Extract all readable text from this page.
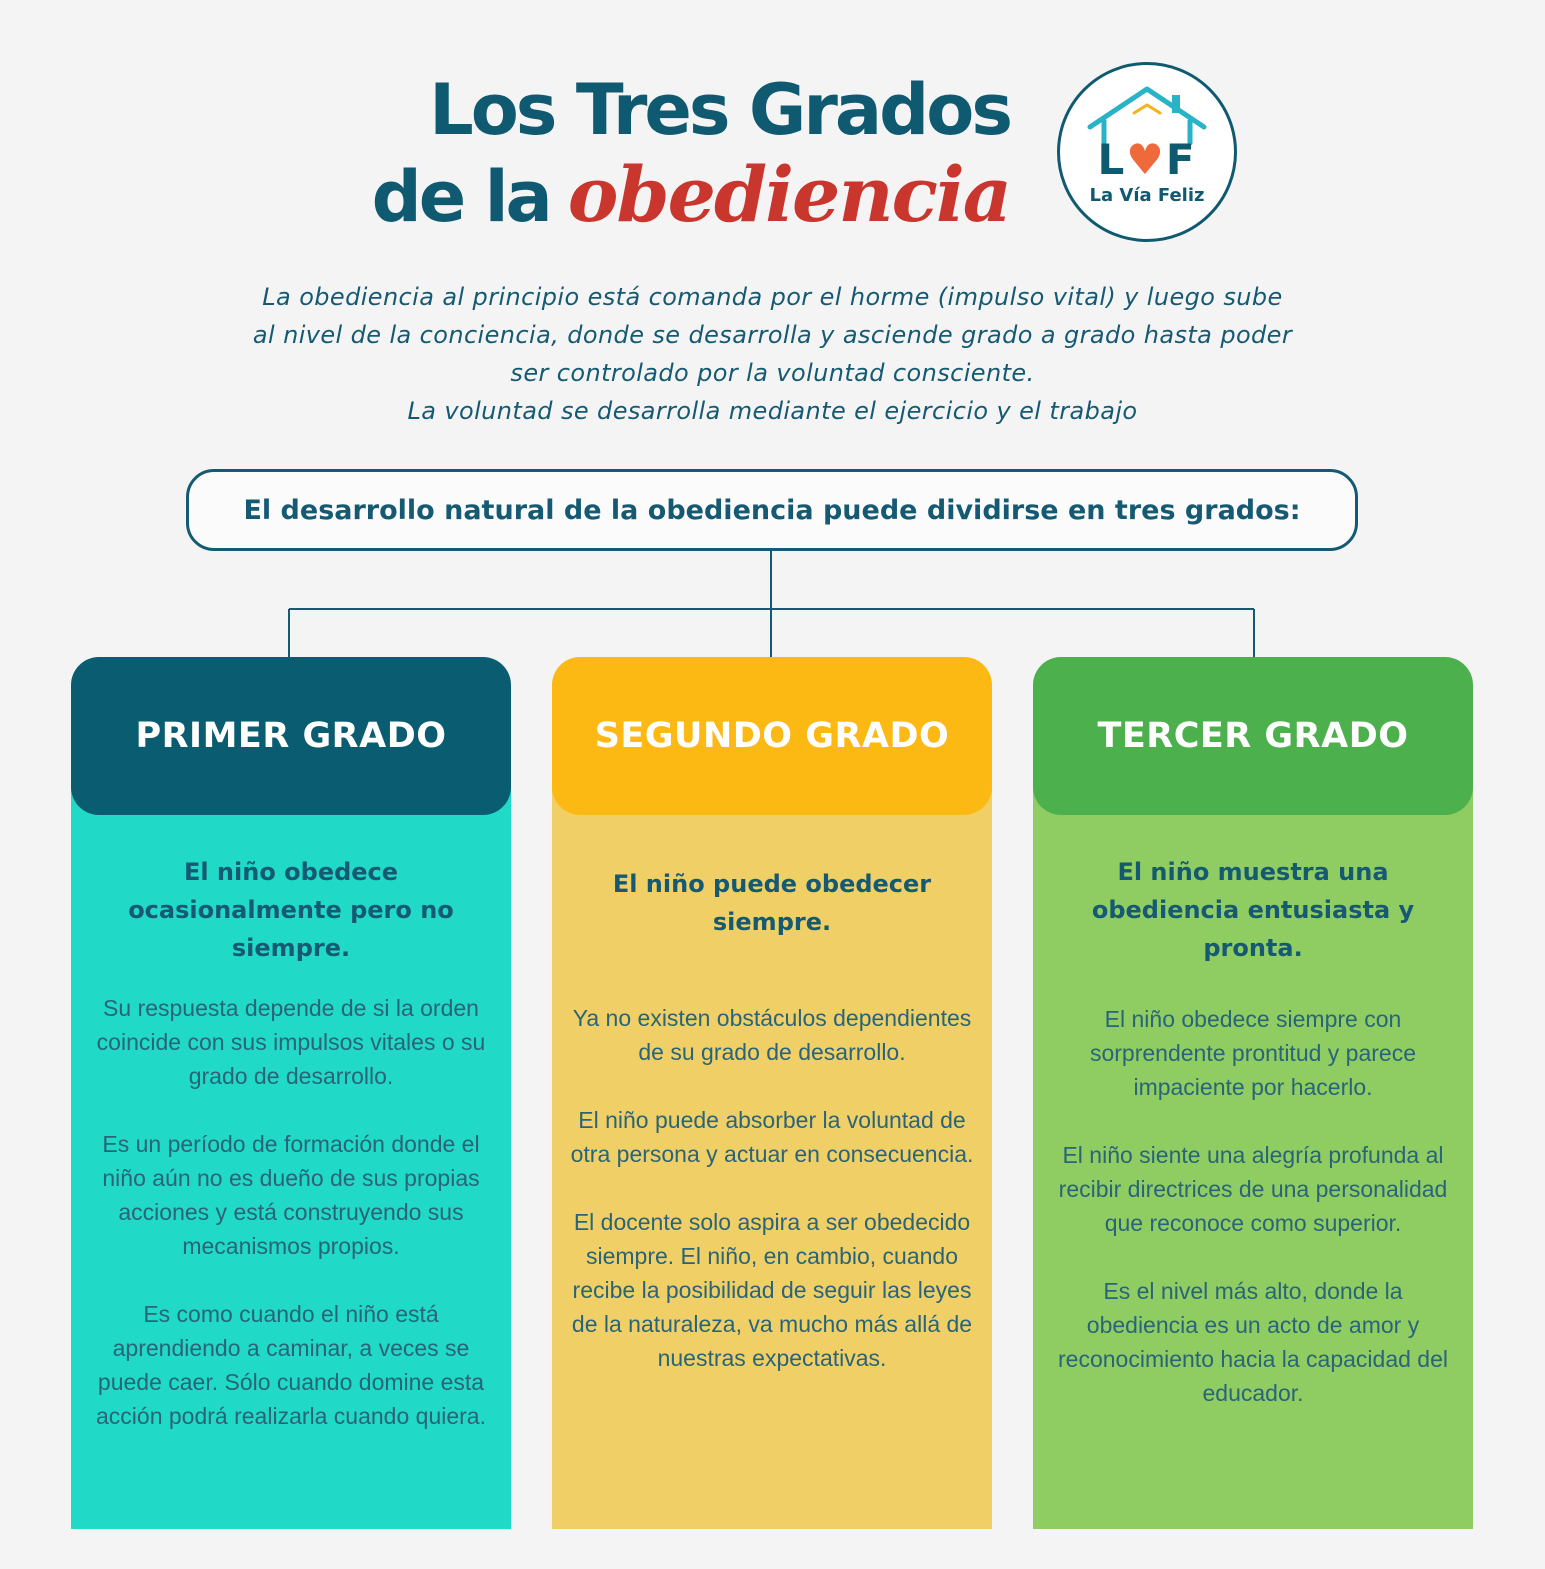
Los Tres Grados
de la obediencia	L♥F
La Vía Feliz

La obediencia al principio está comanda por el horme (impulso vital) y luego sube

al nivel de la conciencia, donde se desarrolla y asciende grado a grado hasta poder

ser controlado por la voluntad consciente.

La voluntad se desarrolla mediante el ejercicio y el trabajo

El desarrollo natural de la obediencia puede dividirse en tres grados:
PRIMER GRADO
El niño obedece ocasionalmente pero no siempre.

Su respuesta depende de si la orden coincide con sus impulsos vitales o su grado de desarrollo.

Es un período de formación donde el niño aún no es dueño de sus propias acciones y está construyendo sus mecanismos propios.

Es como cuando el niño está aprendiendo a caminar, a veces se puede caer. Sólo cuando domine esta acción podrá realizarla cuando quiera.

SEGUNDO GRADO
El niño puede obedecer siempre.

Ya no existen obstáculos dependientes de su grado de desarrollo.

El niño puede absorber la voluntad de otra persona y actuar en consecuencia.

El docente solo aspira a ser obedecido siempre. El niño, en cambio, cuando recibe la posibilidad de seguir las leyes de la naturaleza, va mucho más allá de nuestras expectativas.

TERCER GRADO
El niño muestra una obediencia entusiasta y pronta.

El niño obedece siempre con sorprendente prontitud y parece impaciente por hacerlo.

El niño siente una alegría profunda al recibir directrices de una personalidad que reconoce como superior.

Es el nivel más alto, donde la obediencia es un acto de amor y reconocimiento hacia la capacidad del educador.
